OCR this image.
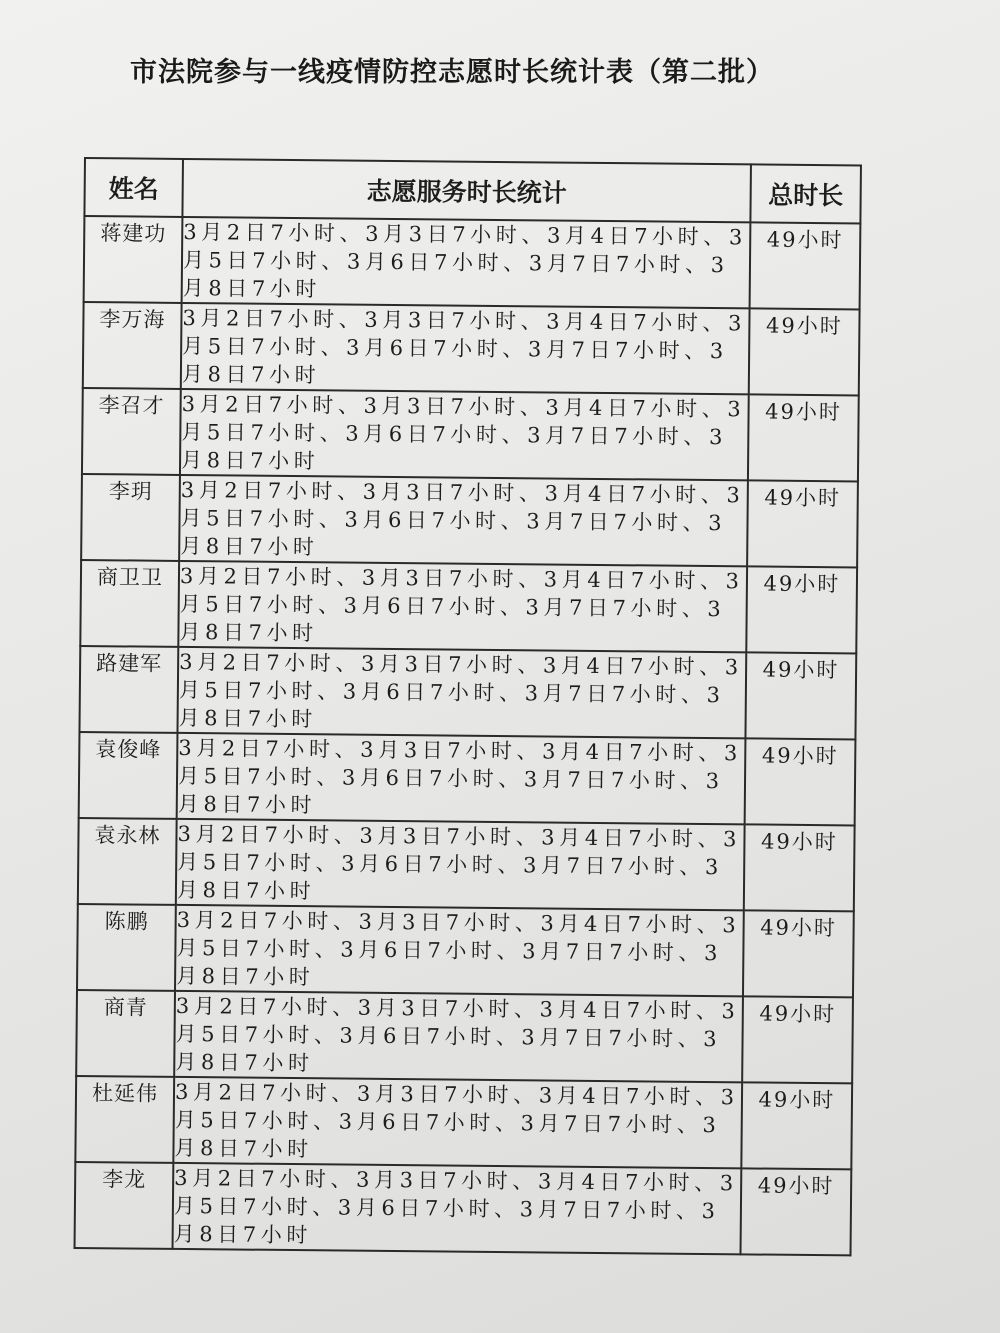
市法院参与一线疫情防控志愿时长统计表（第二批）
姓名	志愿服务时长统计	总时长
蒋建功	3月2日7小时、3月3日7小时、3月4日7小时、3月5日7小时、3月6日7小时、3月7日7小时、3月8日7小时	49小时
李万海	3月2日7小时、3月3日7小时、3月4日7小时、3月5日7小时、3月6日7小时、3月7日7小时、3月8日7小时	49小时
李召才	3月2日7小时、3月3日7小时、3月4日7小时、3月5日7小时、3月6日7小时、3月7日7小时、3月8日7小时	49小时
李玥	3月2日7小时、3月3日7小时、3月4日7小时、3月5日7小时、3月6日7小时、3月7日7小时、3月8日7小时	49小时
商卫卫	3月2日7小时、3月3日7小时、3月4日7小时、3月5日7小时、3月6日7小时、3月7日7小时、3月8日7小时	49小时
路建军	3月2日7小时、3月3日7小时、3月4日7小时、3月5日7小时、3月6日7小时、3月7日7小时、3月8日7小时	49小时
袁俊峰	3月2日7小时、3月3日7小时、3月4日7小时、3月5日7小时、3月6日7小时、3月7日7小时、3月8日7小时	49小时
袁永林	3月2日7小时、3月3日7小时、3月4日7小时、3月5日7小时、3月6日7小时、3月7日7小时、3月8日7小时	49小时
陈鹏	3月2日7小时、3月3日7小时、3月4日7小时、3月5日7小时、3月6日7小时、3月7日7小时、3月8日7小时	49小时
商青	3月2日7小时、3月3日7小时、3月4日7小时、3月5日7小时、3月6日7小时、3月7日7小时、3月8日7小时	49小时
杜延伟	3月2日7小时、3月3日7小时、3月4日7小时、3月5日7小时、3月6日7小时、3月7日7小时、3月8日7小时	49小时
李龙	3月2日7小时、3月3日7小时、3月4日7小时、3月5日7小时、3月6日7小时、3月7日7小时、3月8日7小时	49小时
